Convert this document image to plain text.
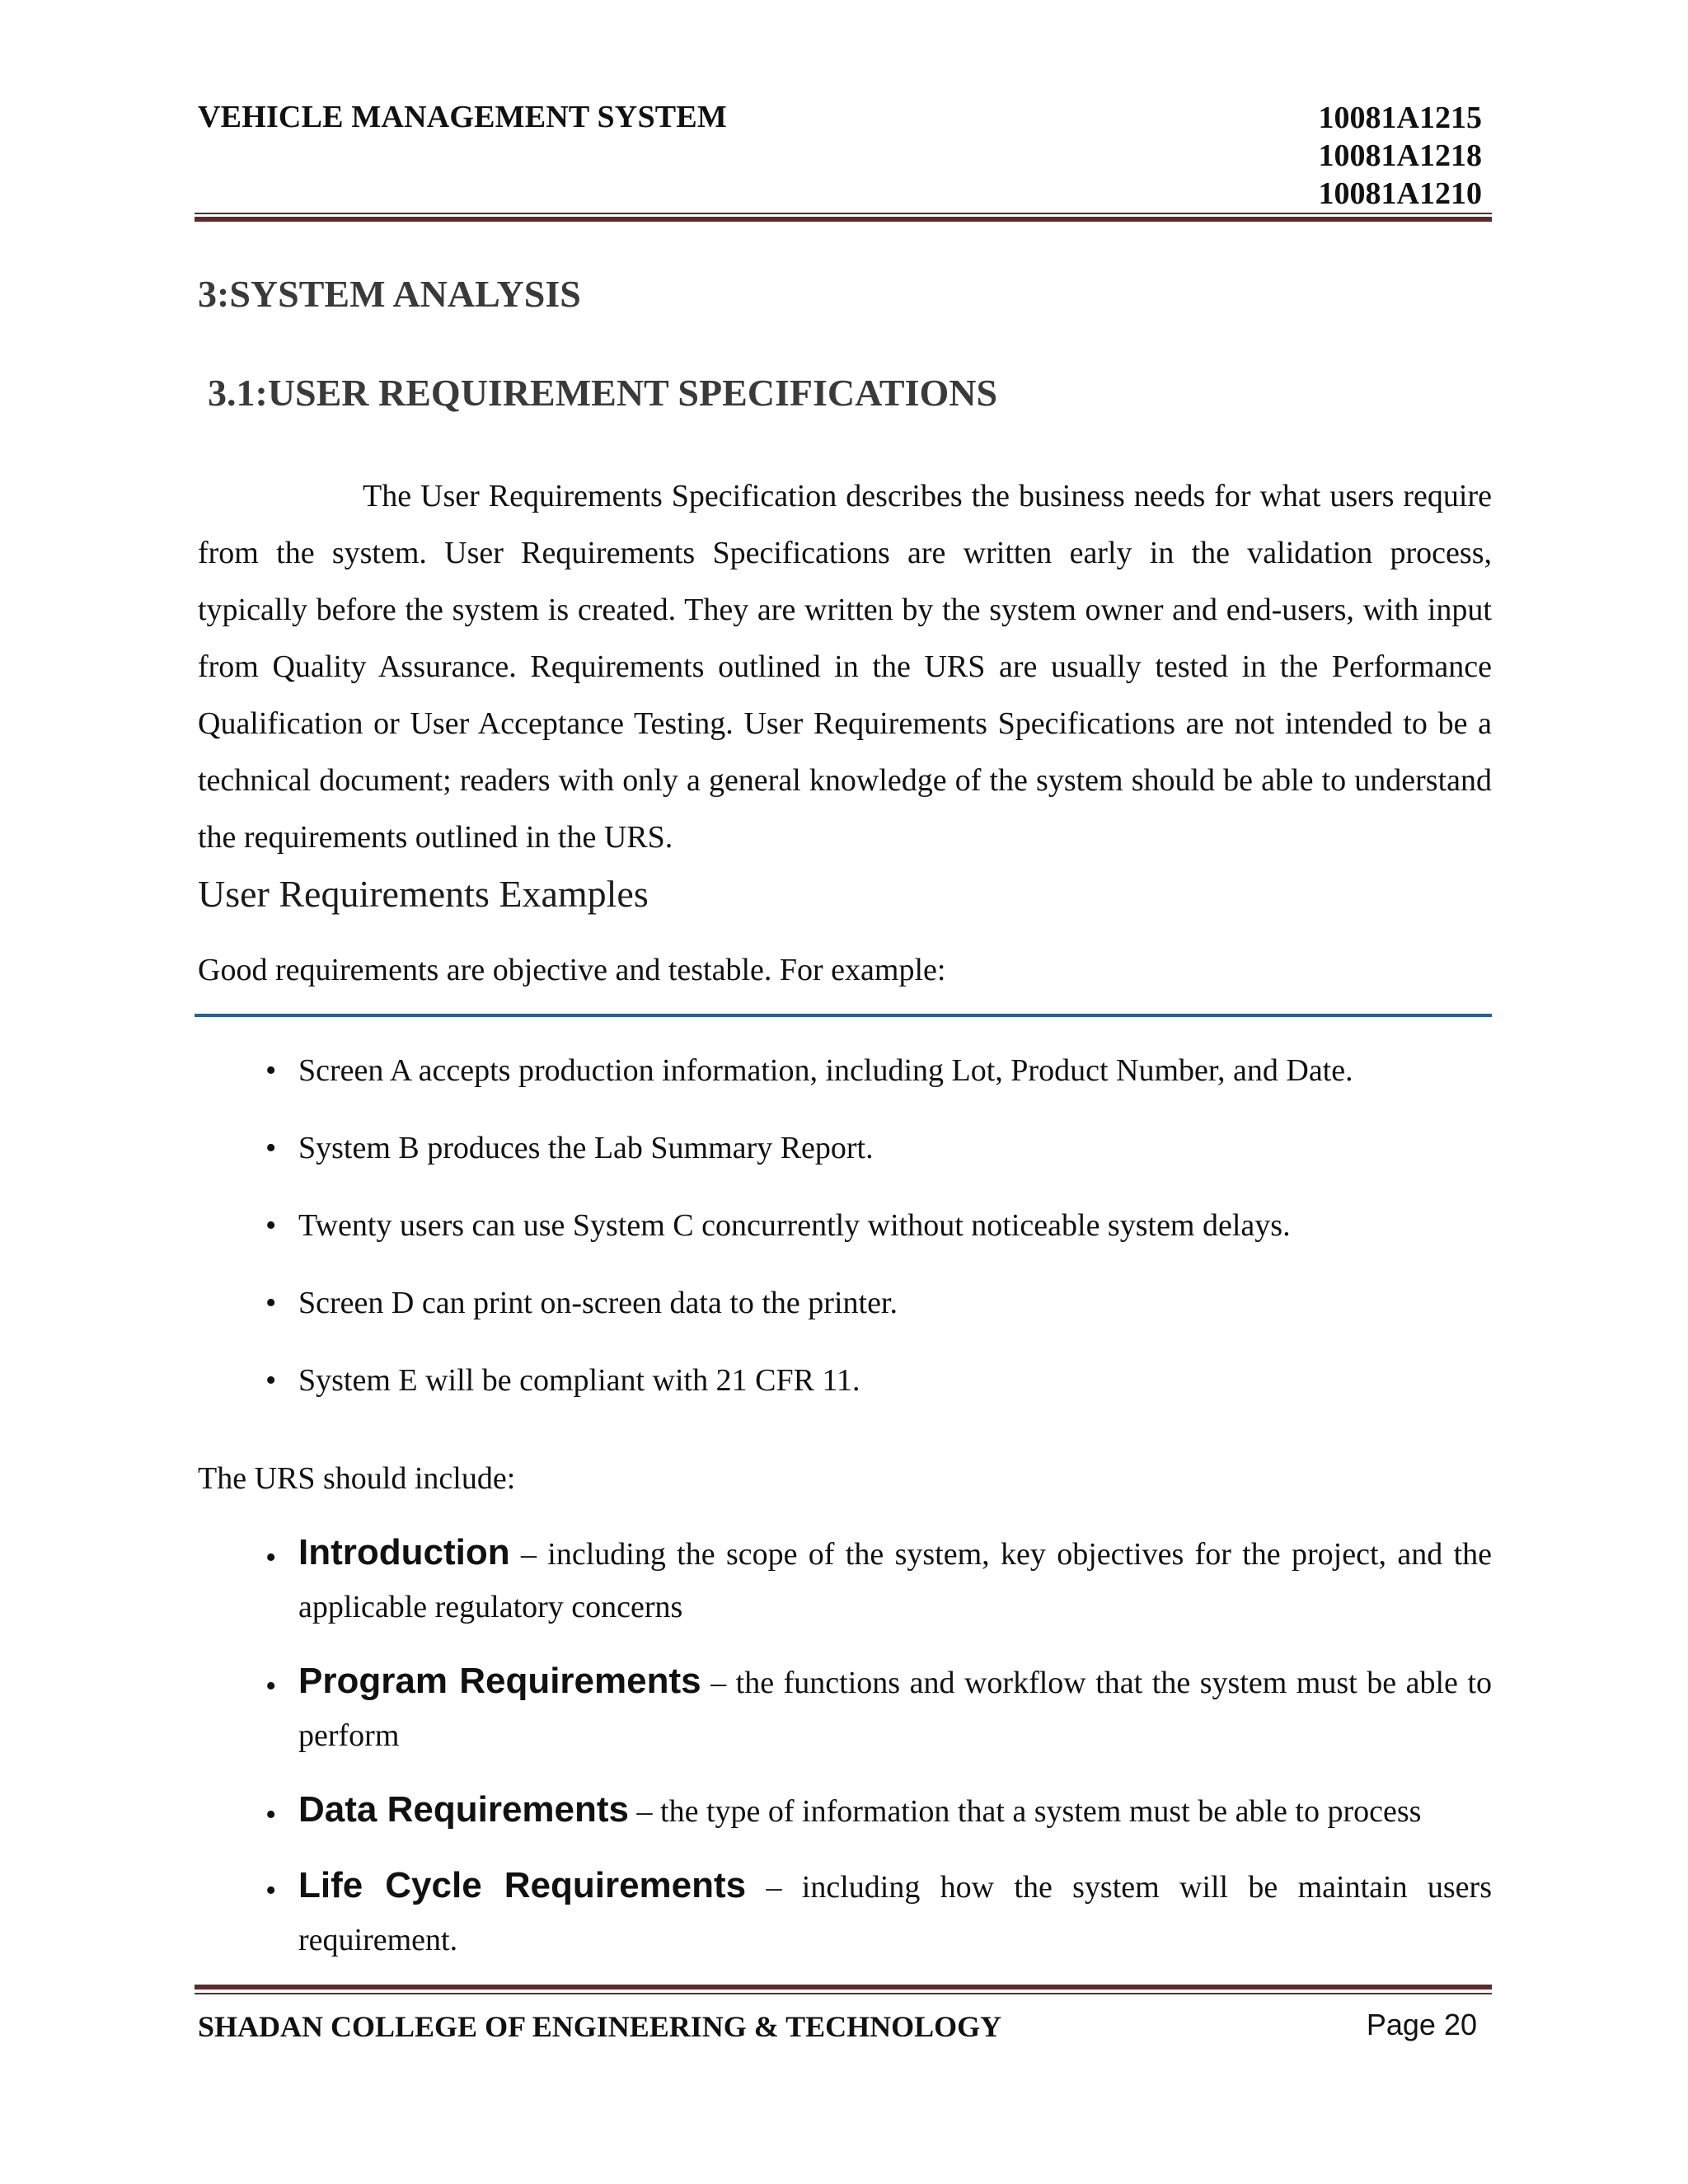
VEHICLE MANAGEMENT SYSTEM	10081A1215
10081A1218
10081A1210
3:SYSTEM ANALYSIS
3.1:USER REQUIREMENT SPECIFICATIONS

The User Requirements Specification describes the business needs for what users require from the system. User Requirements Specifications are written early in the validation process, typically before the system is created. They are written by the system owner and end-users, with input from Quality Assurance. Requirements outlined in the URS are usually tested in the Performance Qualification or User Acceptance Testing. User Requirements Specifications are not intended to be a technical document; readers with only a general knowledge of the system should be able to understand the requirements outlined in the URS.

User Requirements Examples
Good requirements are objective and testable. For example:
• Screen A accepts production information, including Lot, Product Number, and Date.
• System B produces the Lab Summary Report.
• Twenty users can use System C concurrently without noticeable system delays.
• Screen D can print on-screen data to the printer.
• System E will be compliant with 21 CFR 11.
The URS should include:
• Introduction – including the scope of the system, key objectives for the project, and the applicable regulatory concerns
• Program Requirements – the functions and workflow that the system must be able to perform
• Data Requirements – the type of information that a system must be able to process
• Life Cycle Requirements – including how the system will be maintain users requirement.
SHADAN COLLEGE OF ENGINEERING & TECHNOLOGY	Page 20
